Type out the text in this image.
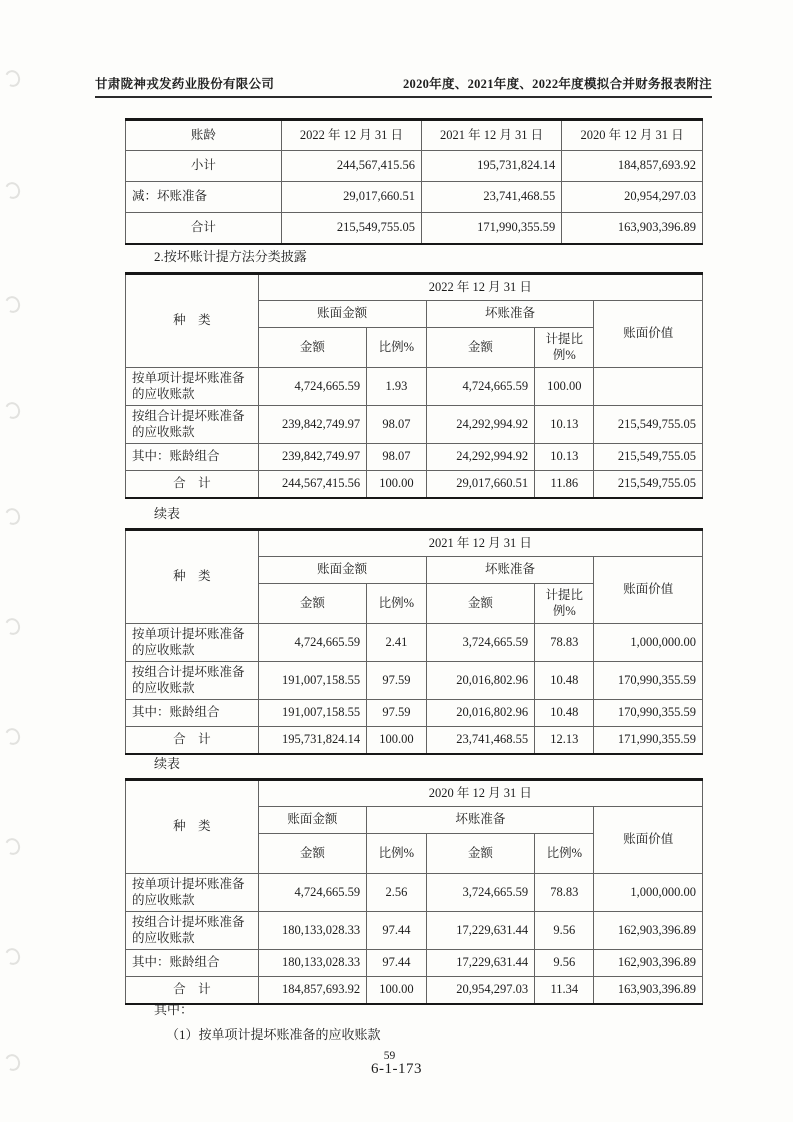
甘肃陇神戎发药业股份有限公司	2020年度、2021年度、2022年度模拟合并财务报表附注
账龄	2022 年 12 月 31 日	2021 年 12 月 31 日	2020 年 12 月 31 日
小计	244,567,415.56	195,731,824.14	184,857,693.92
减：坏账准备	29,017,660.51	23,741,468.55	20,954,297.03
合计	215,549,755.05	171,990,355.59	163,903,396.89
2.按坏账计提方法分类披露
种　类	2022 年 12 月 31 日				
	账面金额		坏账准备		账面价值
	金额	比例%	金额	计提比例%	
按单项计提坏账准备的应收账款	4,724,665.59	1.93	4,724,665.59	100.00	
按组合计提坏账准备的应收账款	239,842,749.97	98.07	24,292,994.92	10.13	215,549,755.05
其中：账龄组合	239,842,749.97	98.07	24,292,994.92	10.13	215,549,755.05
合　计	244,567,415.56	100.00	29,017,660.51	11.86	215,549,755.05
续表
种　类	2021 年 12 月 31 日				
	账面金额		坏账准备		账面价值
	金额	比例%	金额	计提比例%	
按单项计提坏账准备的应收账款	4,724,665.59	2.41	3,724,665.59	78.83	1,000,000.00
按组合计提坏账准备的应收账款	191,007,158.55	97.59	20,016,802.96	10.48	170,990,355.59
其中：账龄组合	191,007,158.55	97.59	20,016,802.96	10.48	170,990,355.59
合　计	195,731,824.14	100.00	23,741,468.55	12.13	171,990,355.59
续表
种　类	2020 年 12 月 31 日				
	账面金额	坏账准备			账面价值
	金额	比例%	金额	比例%	
按单项计提坏账准备的应收账款	4,724,665.59	2.56	3,724,665.59	78.83	1,000,000.00
按组合计提坏账准备的应收账款	180,133,028.33	97.44	17,229,631.44	9.56	162,903,396.89
其中：账龄组合	180,133,028.33	97.44	17,229,631.44	9.56	162,903,396.89
合　计	184,857,693.92	100.00	20,954,297.03	11.34	163,903,396.89
其中：
（1）按单项计提坏账准备的应收账款
59
6-1-173
